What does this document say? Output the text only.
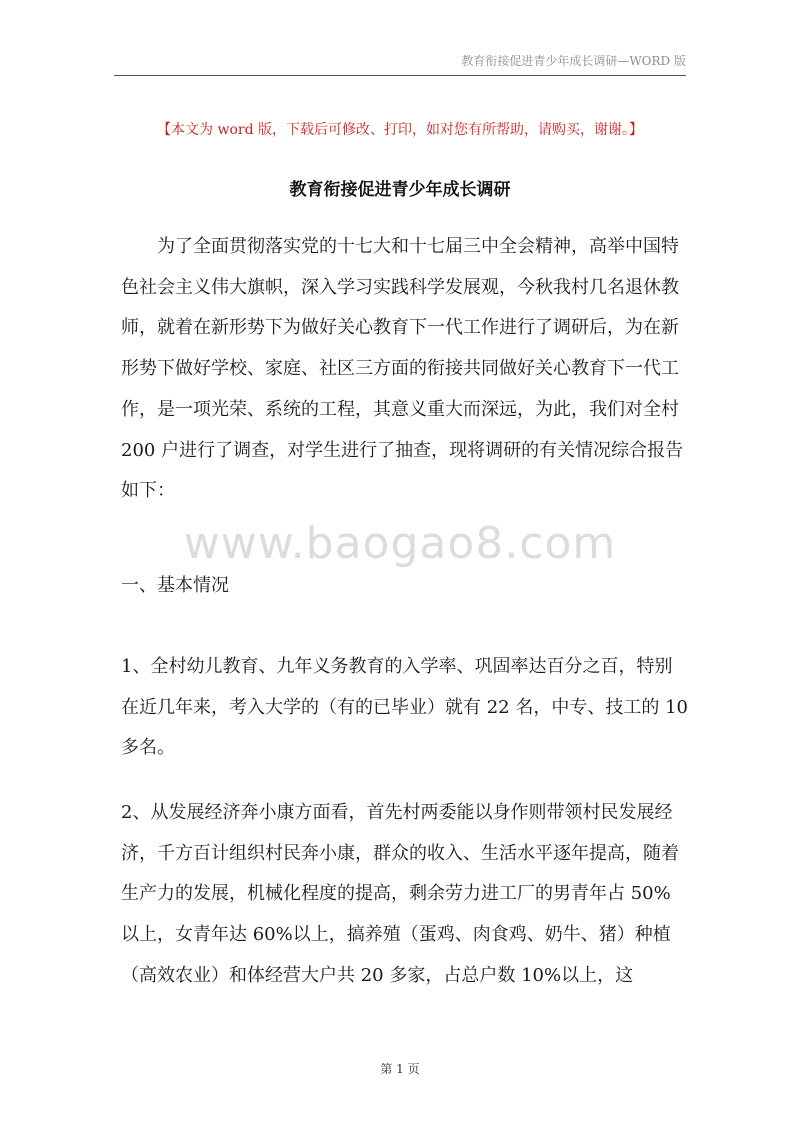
教育衔接促进青少年成长调研—WORD 版
【本文为 word 版，下载后可修改、打印，如对您有所帮助，请购买，谢谢。】
教育衔接促进青少年成长调研
为了全面贯彻落实党的十七大和十七届三中全会精神，高举中国特色社会主义伟大旗帜，深入学习实践科学发展观，今秋我村几名退休教师，就着在新形势下为做好关心教育下一代工作进行了调研后，为在新形势下做好学校、家庭、社区三方面的衔接共同做好关心教育下一代工作，是一项光荣、系统的工程，其意义重大而深远，为此，我们对全村 200 户进行了调查，对学生进行了抽查，现将调研的有关情况综合报告如下：
www.baogao8.com
一、基本情况
1、全村幼儿教育、九年义务教育的入学率、巩固率达百分之百，特别在近几年来，考入大学的（有的已毕业）就有 22 名，中专、技工的 10 多名。
2、从发展经济奔小康方面看，首先村两委能以身作则带领村民发展经济，千方百计组织村民奔小康，群众的收入、生活水平逐年提高，随着生产力的发展，机械化程度的提高，剩余劳力进工厂的男青年占 50%以上，女青年达 60%以上，搞养殖（蛋鸡、肉食鸡、奶牛、猪）种植（高效农业）和体经营大户共 20 多家，占总户数 10%以上，这
第 1 页
